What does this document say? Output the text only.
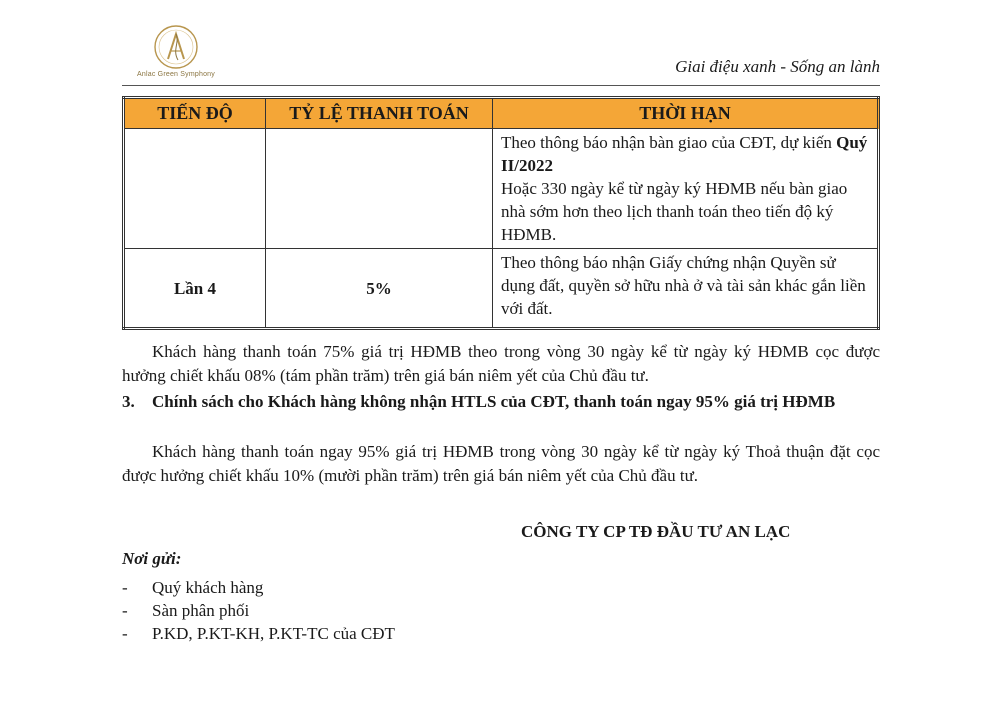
Anlac Green Symphony	Giai điệu xanh - Sống an lành
TIẾN ĐỘ	TỶ LỆ THANH TOÁN	THỜI HẠN
		Theo thông báo nhận bàn giao của CĐT, dự kiến Quý II/2022
Hoặc 330 ngày kể từ ngày ký HĐMB nếu bàn giao nhà sớm hơn theo lịch thanh toán theo tiến độ ký HĐMB.
Lần 4	5%	Theo thông báo nhận Giấy chứng nhận Quyền sử dụng đất, quyền sở hữu nhà ở và tài sản khác gắn liền với đất.
Khách hàng thanh toán 75% giá trị HĐMB theo trong vòng 30 ngày kể từ ngày ký HĐMB cọc được hưởng chiết khấu 08% (tám phần trăm) trên giá bán niêm yết của Chủ đầu tư.
3. Chính sách cho Khách hàng không nhận HTLS của CĐT, thanh toán ngay 95% giá trị HĐMB
Khách hàng thanh toán ngay 95% giá trị HĐMB trong vòng 30 ngày kể từ ngày ký Thoả thuận đặt cọc được hưởng chiết khấu 10% (mười phần trăm) trên giá bán niêm yết của Chủ đầu tư.
CÔNG TY CP TĐ ĐẦU TƯ AN LẠC
Nơi gửi:
-	Quý khách hàng
-	Sàn phân phối
-	P.KD, P.KT-KH, P.KT-TC của CĐT
